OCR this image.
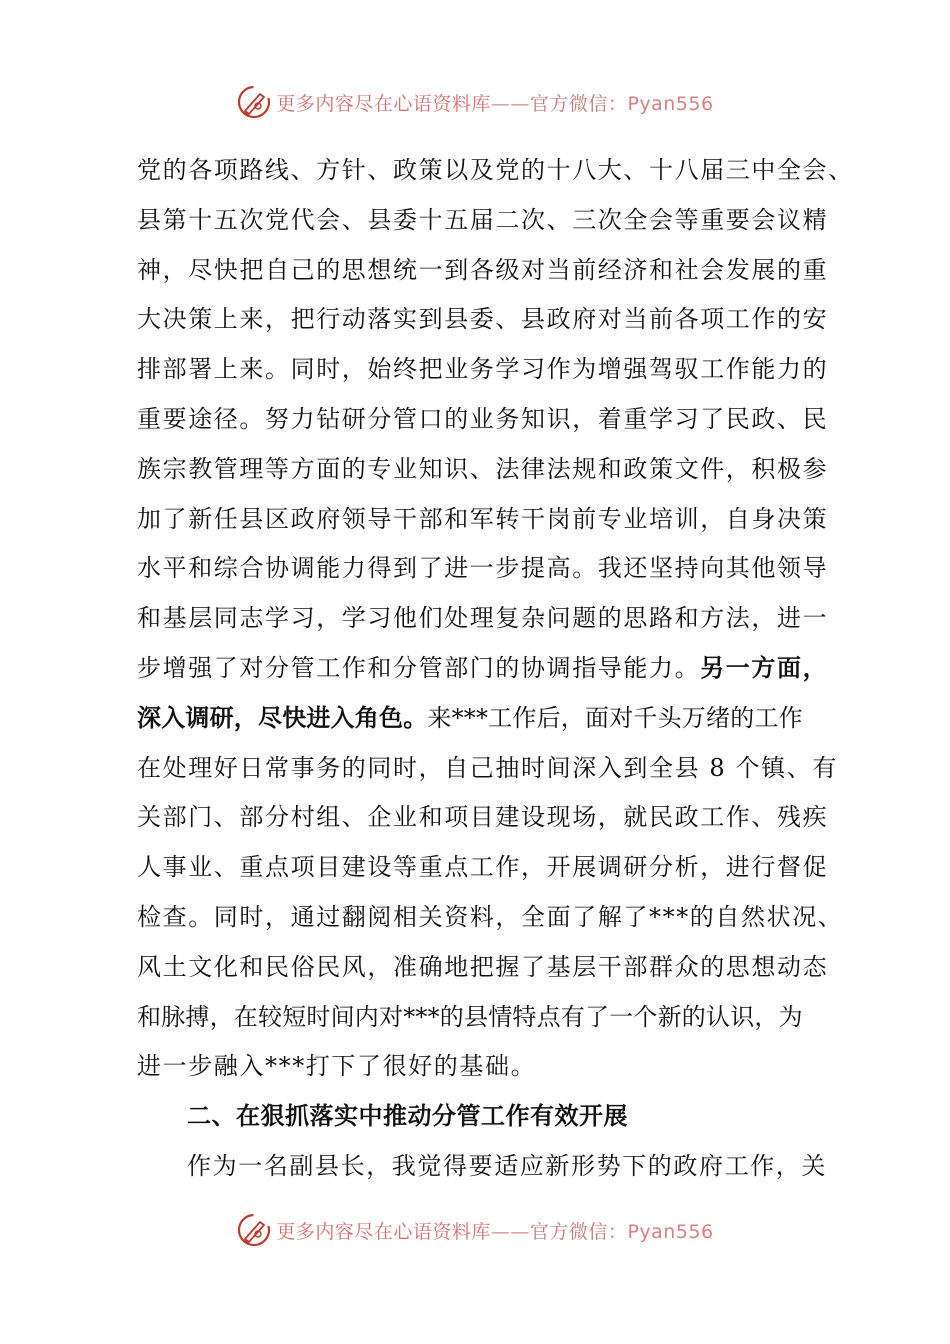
更多内容尽在心语资料库——官方微信：Pyan556
党的各项路线、方针、政策以及党的十八大、十八届三中全会、
县第十五次党代会、县委十五届二次、三次全会等重要会议精
神，尽快把自己的思想统一到各级对当前经济和社会发展的重
大决策上来，把行动落实到县委、县政府对当前各项工作的安
排部署上来。同时，始终把业务学习作为增强驾驭工作能力的
重要途径。努力钻研分管口的业务知识，着重学习了民政、民
族宗教管理等方面的专业知识、法律法规和政策文件，积极参
加了新任县区政府领导干部和军转干岗前专业培训，自身决策
水平和综合协调能力得到了进一步提高。我还坚持向其他领导
和基层同志学习，学习他们处理复杂问题的思路和方法，进一
步增强了对分管工作和分管部门的协调指导能力。另一方面，
深入调研，尽快进入角色。来***工作后，面对千头万绪的工作
在处理好日常事务的同时，自己抽时间深入到全县 8 个镇、有
关部门、部分村组、企业和项目建设现场，就民政工作、残疾
人事业、重点项目建设等重点工作，开展调研分析，进行督促
检查。同时，通过翻阅相关资料，全面了解了***的自然状况、
风土文化和民俗民风，准确地把握了基层干部群众的思想动态
和脉搏，在较短时间内对***的县情特点有了一个新的认识，为
进一步融入***打下了很好的基础。
二、在狠抓落实中推动分管工作有效开展
作为一名副县长，我觉得要适应新形势下的政府工作，关
更多内容尽在心语资料库——官方微信：Pyan556
